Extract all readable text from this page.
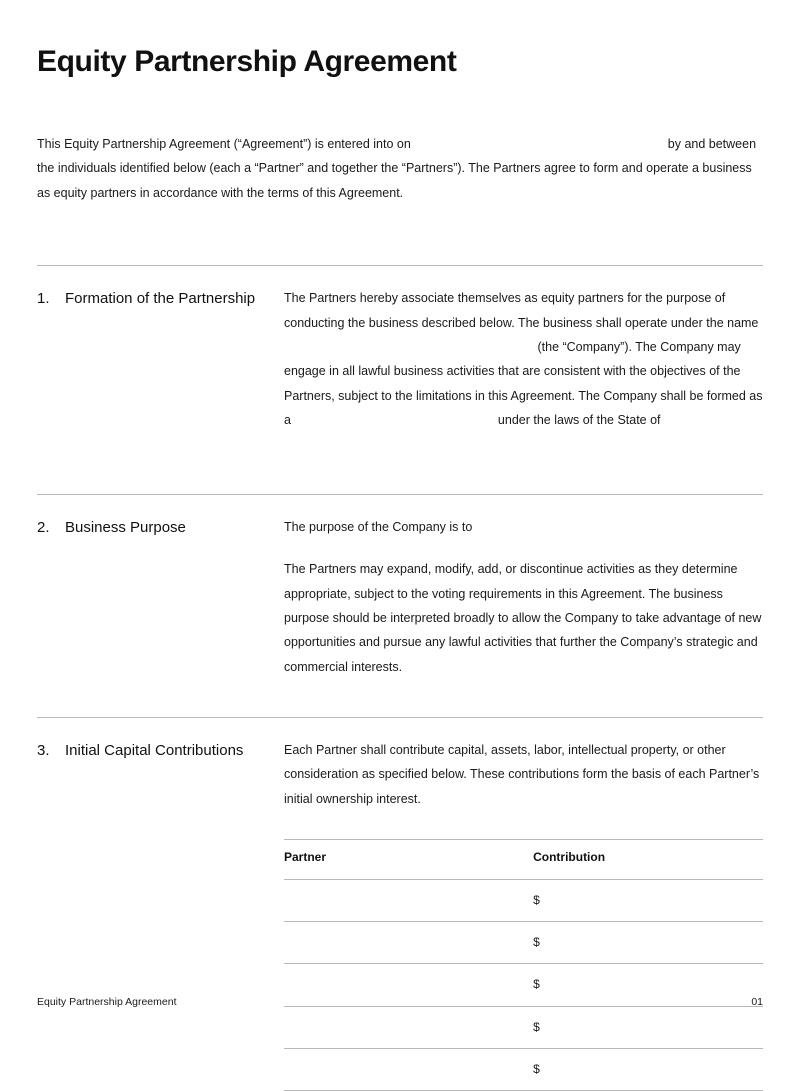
Equity Partnership Agreement
This Equity Partnership Agreement (“Agreement”) is entered into on	by and between the individuals identified below (each a “Partner” and together the “Partners”). The Partners agree to form and operate a business as equity partners in accordance with the terms of this Agreement.
1.	Formation of the Partnership The Partners hereby associate themselves as equity partners for the purpose of conducting the business described below. The business shall operate under the name  (the “Company”). The Company may engage in all lawful business activities that are consistent with the objectives of the Partners, subject to the limitations in this Agreement. The Company shall be formed as a	under the laws of the State of

2.	Business Purpose	The purpose of the Company is to

The Partners may expand, modify, add, or discontinue activities as they determine appropriate, subject to the voting requirements in this Agreement. The business purpose should be interpreted broadly to allow the Company to take advantage of new opportunities and pursue any lawful activities that further the Company’s strategic and commercial interests.

3.	Initial Capital Contributions	Each Partner shall contribute capital, assets, labor, intellectual property, or other consideration as specified below. These contributions form the basis of each Partner’s initial ownership interest.

Partner	Contribution
	$
	$
	$
	$
	$
Equity Partnership Agreement	01
